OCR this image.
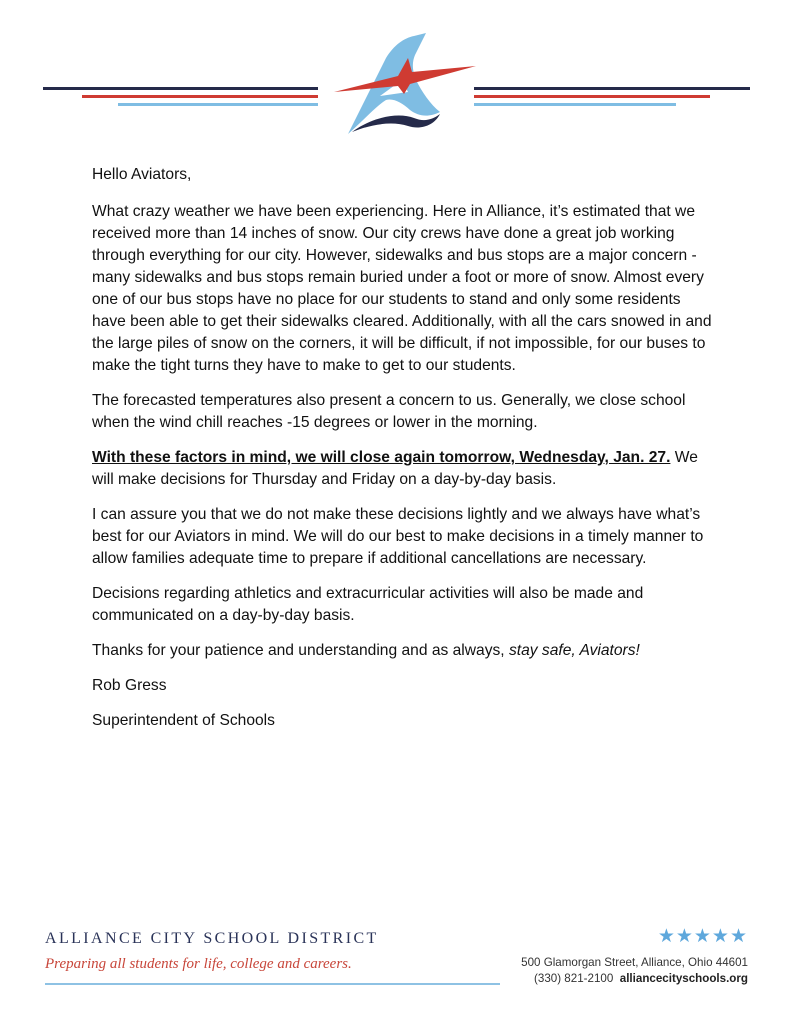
Hello Aviators,

What crazy weather we have been experiencing. Here in Alliance, it’s estimated that we received more than 14 inches of snow. Our city crews have done a great job working through everything for our city. However, sidewalks and bus stops are a major concern - many sidewalks and bus stops remain buried under a foot or more of snow. Almost every one of our bus stops have no place for our students to stand and only some residents have been able to get their sidewalks cleared. Additionally, with all the cars snowed in and the large piles of snow on the corners, it will be difficult, if not impossible, for our buses to make the tight turns they have to make to get to our students.

The forecasted temperatures also present a concern to us. Generally, we close school when the wind chill reaches -15 degrees or lower in the morning.

With these factors in mind, we will close again tomorrow, Wednesday, Jan. 27. We will make decisions for Thursday and Friday on a day-by-day basis.

I can assure you that we do not make these decisions lightly and we always have what’s best for our Aviators in mind. We will do our best to make decisions in a timely manner to allow families adequate time to prepare if additional cancellations are necessary.

Decisions regarding athletics and extracurricular activities will also be made and communicated on a day-by-day basis.

Thanks for your patience and understanding and as always, stay safe, Aviators!

Rob Gress

Superintendent of Schools

ALLIANCE CITY SCHOOL DISTRICT
Preparing all students for life, college and careers.
★★★★★
500 Glamorgan Street, Alliance, Ohio 44601
(330) 821-2100 alliancecityschools.org
